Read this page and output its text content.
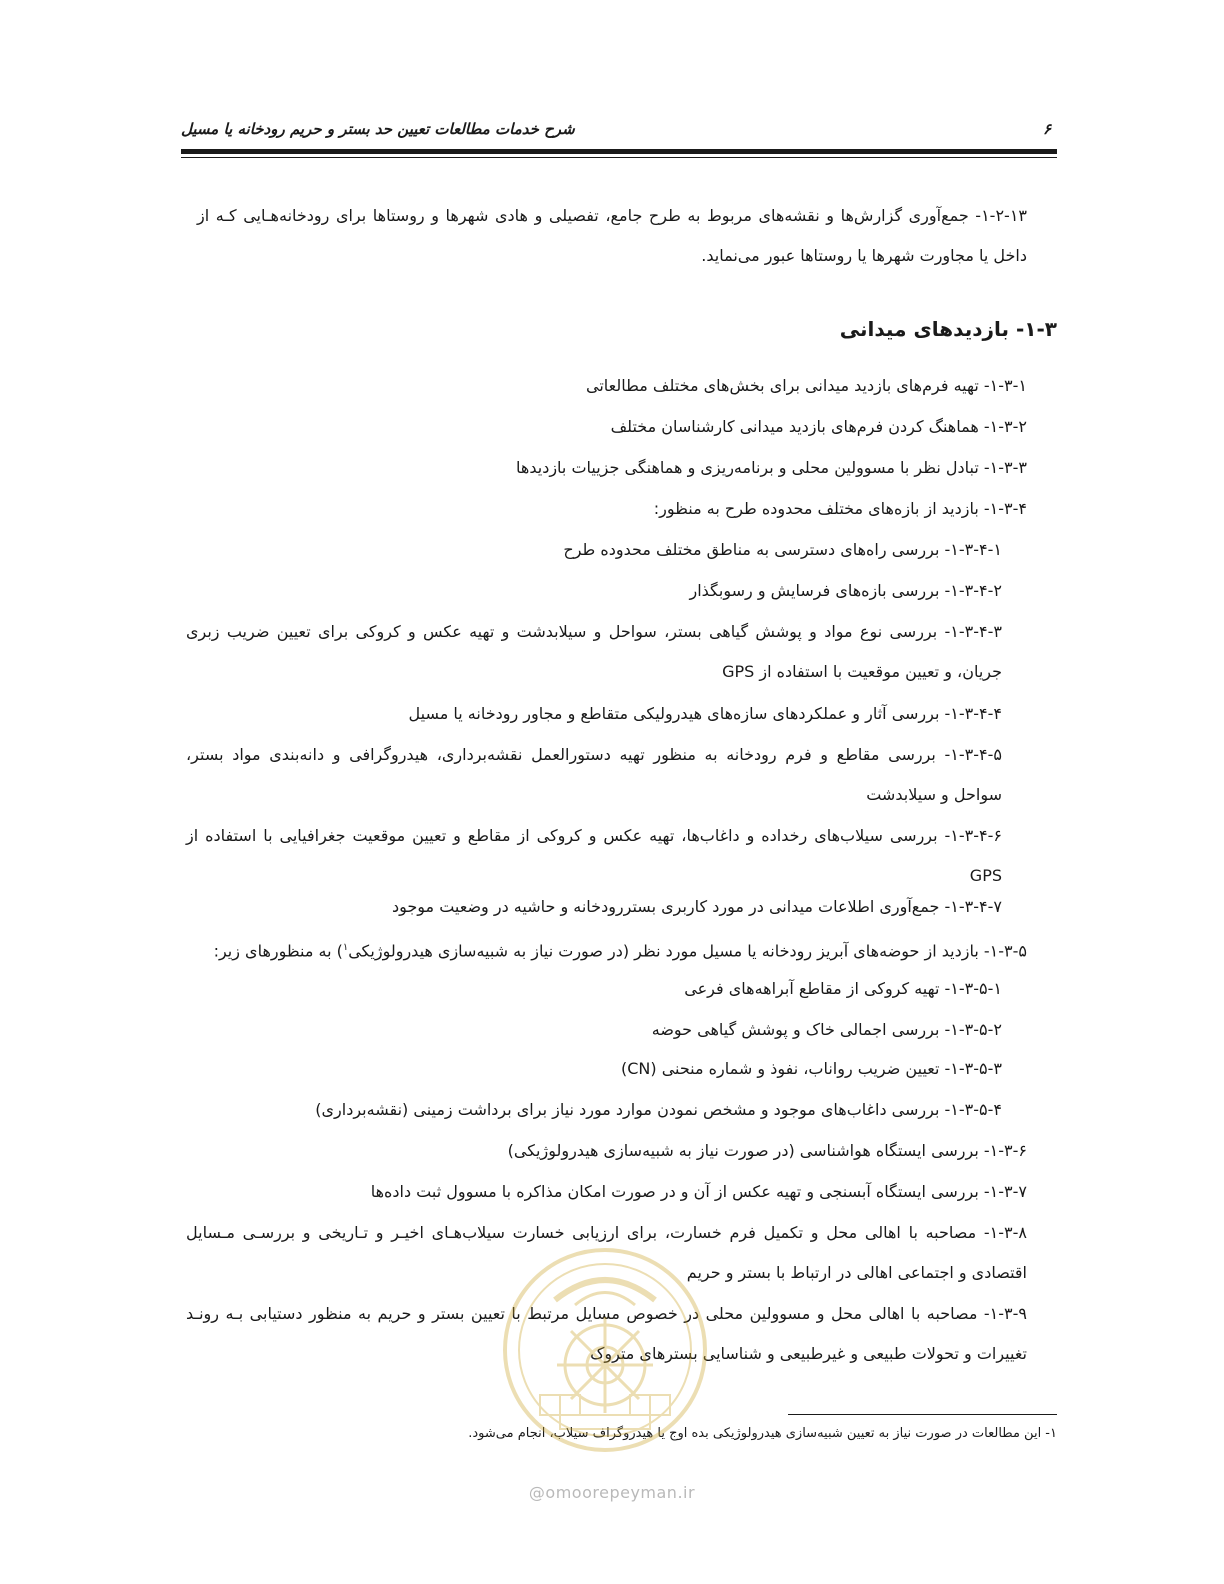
۶
شرح خدمات مطالعات تعیین حد بستر و حریم رودخانه یا مسیل
۱-۲-۱۳- جمع‌آوری گزارش‌ها و نقشه‌های مربوط به طرح جامع، تفصیلی و هادی شهرها و روستاها برای رودخانه‌هـایی کـه از
داخل یا مجاورت شهرها یا روستاها عبور می‌نماید.
۱-۳- بازدیدهای میدانی
۱-۳-۱- تهیه فرم‌های بازدید میدانی برای بخش‌های مختلف مطالعاتی
۱-۳-۲- هماهنگ کردن فرم‌های بازدید میدانی کارشناسان مختلف
۱-۳-۳- تبادل نظر با مسوولین محلی و برنامه‌ریزی و هماهنگی جزییات بازدیدها
۱-۳-۴- بازدید از بازه‌های مختلف محدوده طرح به منظور:
۱-۳-۴-۱- بررسی راه‌های دسترسی به مناطق مختلف محدوده طرح
۱-۳-۴-۲- بررسی بازه‌های فرسایش و رسوبگذار
۱-۳-۴-۳- بررسی نوع مواد و پوشش گیاهی بستر، سواحل و سیلابدشت و تهیه عکس و کروکی برای تعیین ضریب زبری
جریان، و تعیین موقعیت با استفاده از GPS
۱-۳-۴-۴- بررسی آثار و عملکردهای سازه‌های هیدرولیکی متقاطع و مجاور رودخانه یا مسیل
۱-۳-۴-۵- بررسی مقاطع و فرم رودخانه به منظور تهیه دستورالعمل نقشه‌برداری، هیدروگرافی و دانه‌بندی مواد بستر،
سواحل و سیلابدشت
۱-۳-۴-۶- بررسی سیلاب‌های رخداده و داغاب‌ها، تهیه عکس و کروکی از مقاطع و تعیین موقعیت جغرافیایی با استفاده از
GPS
۱-۳-۴-۷- جمع‌آوری اطلاعات میدانی در مورد کاربری بستررودخانه و حاشیه در وضعیت موجود
۱-۳-۵- بازدید از حوضه‌های آبریز رودخانه یا مسیل مورد نظر (در صورت نیاز به شبیه‌سازی هیدرولوژیکی$^۱$) به منظورهای زیر:
۱-۳-۵-۱- تهیه کروکی از مقاطع آبراهه‌های فرعی
۱-۳-۵-۲- بررسی اجمالی خاک و پوشش گیاهی حوضه
۱-۳-۵-۳- تعیین ضریب رواناب، نفوذ و شماره منحنی (CN)
۱-۳-۵-۴- بررسی داغاب‌های موجود و مشخص نمودن موارد مورد نیاز برای برداشت زمینی (نقشه‌برداری)
۱-۳-۶- بررسی ایستگاه هواشناسی (در صورت نیاز به شبیه‌سازی هیدرولوژیکی)
۱-۳-۷- بررسی ایستگاه آبسنجی و تهیه عکس از آن و در صورت امکان مذاکره با مسوول ثبت داده‌ها
۱-۳-۸- مصاحبه با اهالی محل و تکمیل فرم خسارت، برای ارزیابی خسارت سیلاب‌هـای اخیـر و تـاریخی و بررسـی مـسایل
اقتصادی و اجتماعی اهالی در ارتباط با بستر و حریم
۱-۳-۹- مصاحبه با اهالی محل و مسوولین محلی در خصوص مسایل مرتبط با تعیین بستر و حریم به منظور دستیابی بـه رونـد
تغییرات و تحولات طبیعی و غیرطبیعی و شناسایی بسترهای متروک
۱- این مطالعات در صورت نیاز به تعیین شبیه‌سازی هیدرولوژیکی بده اوج یا هیدروگراف سیلاب، انجام می‌شود.
@omoorepeyman.ir
